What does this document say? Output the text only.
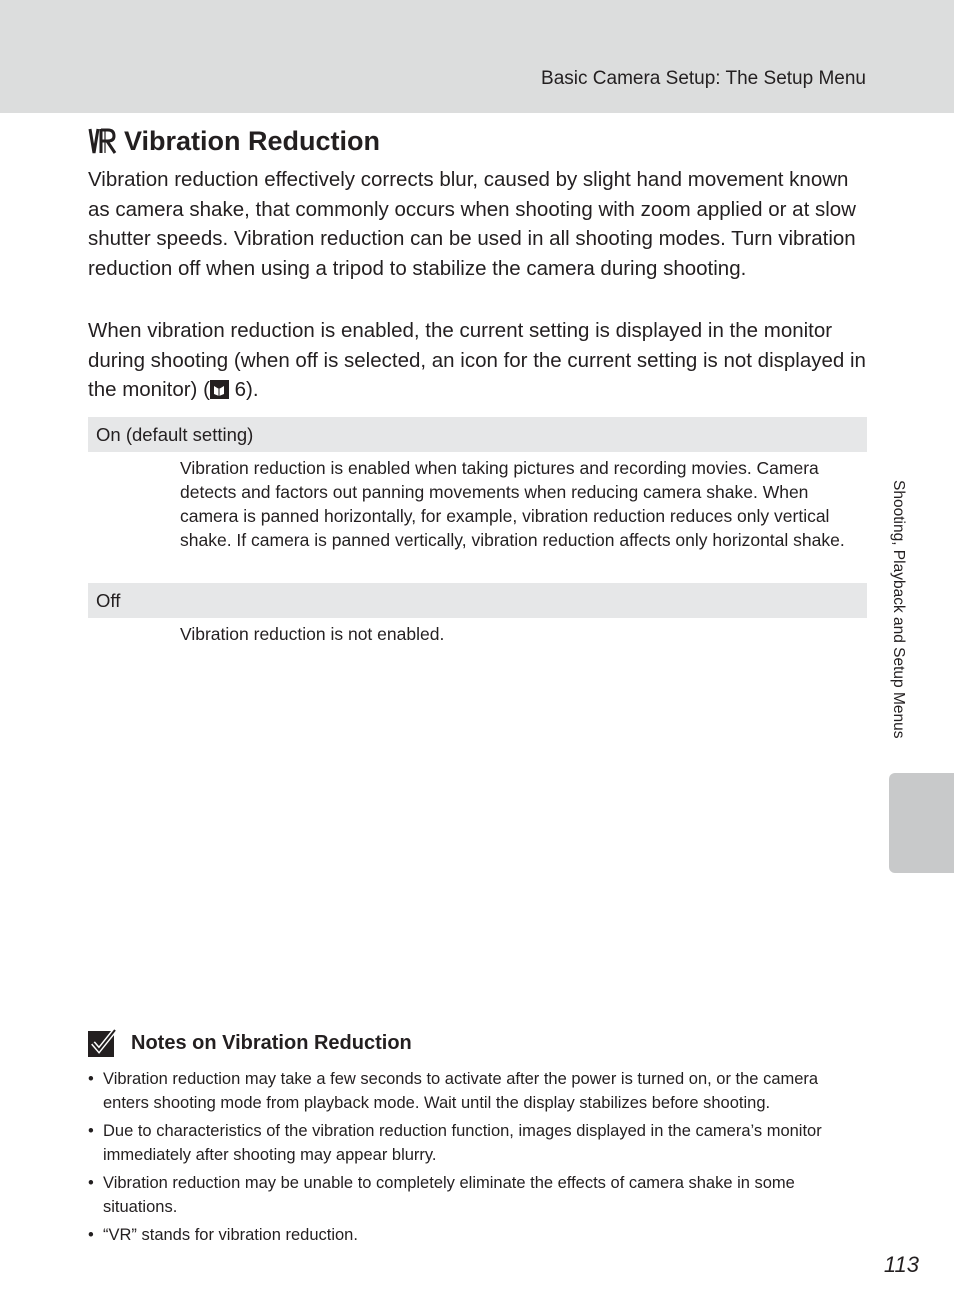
Basic Camera Setup: The Setup Menu
Vibration Reduction

Vibration reduction effectively corrects blur, caused by slight hand movement known as camera shake, that commonly occurs when shooting with zoom applied or at slow shutter speeds. Vibration reduction can be used in all shooting modes. Turn vibration reduction off when using a tripod to stabilize the camera during shooting.

When vibration reduction is enabled, the current setting is displayed in the monitor during shooting (when off is selected, an icon for the current setting is not displayed in the monitor) ( 6).

On (default setting)

Vibration reduction is enabled when taking pictures and recording movies. Camera detects and factors out panning movements when reducing camera shake. When camera is panned horizontally, for example, vibration reduction reduces only vertical shake. If camera is panned vertically, vibration reduction affects only horizontal shake.

Off

Vibration reduction is not enabled.	Shooting, Playback and Setup Menus
Notes on Vibration Reduction
• Vibration reduction may take a few seconds to activate after the power is turned on, or the camera enters shooting mode from playback mode. Wait until the display stabilizes before shooting.
• Due to characteristics of the vibration reduction function, images displayed in the camera’s monitor immediately after shooting may appear blurry.
• Vibration reduction may be unable to completely eliminate the effects of camera shake in some situations.
• “VR” stands for vibration reduction.
113
